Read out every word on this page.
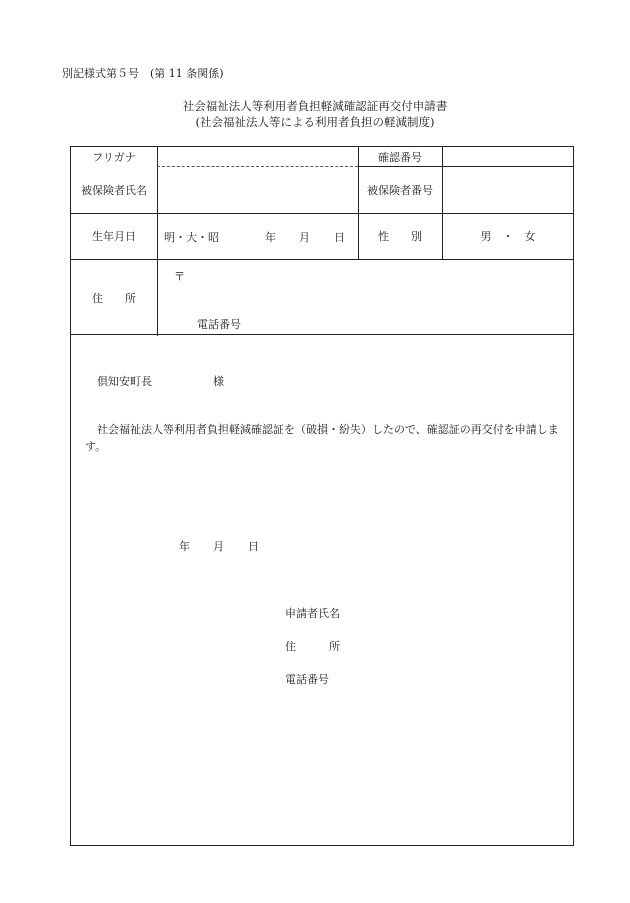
別記様式第５号　(第 11 条関係)
社会福祉法人等利用者負担軽減確認証再交付申請書
(社会福祉法人等による利用者負担の軽減制度)
フリガナ	確認番号
被保険者氏名	被保険者番号
生年月日	明・大・昭	年 月 日	性　　別	男　・　女
住　　所
〒
電話番号
倶知安町長	様
社会福祉法人等利用者負担軽減確認証を（破損・紛失）したので、確認証の再交付を申請します。
年 月 日
申請者氏名
住　　　所
電話番号
